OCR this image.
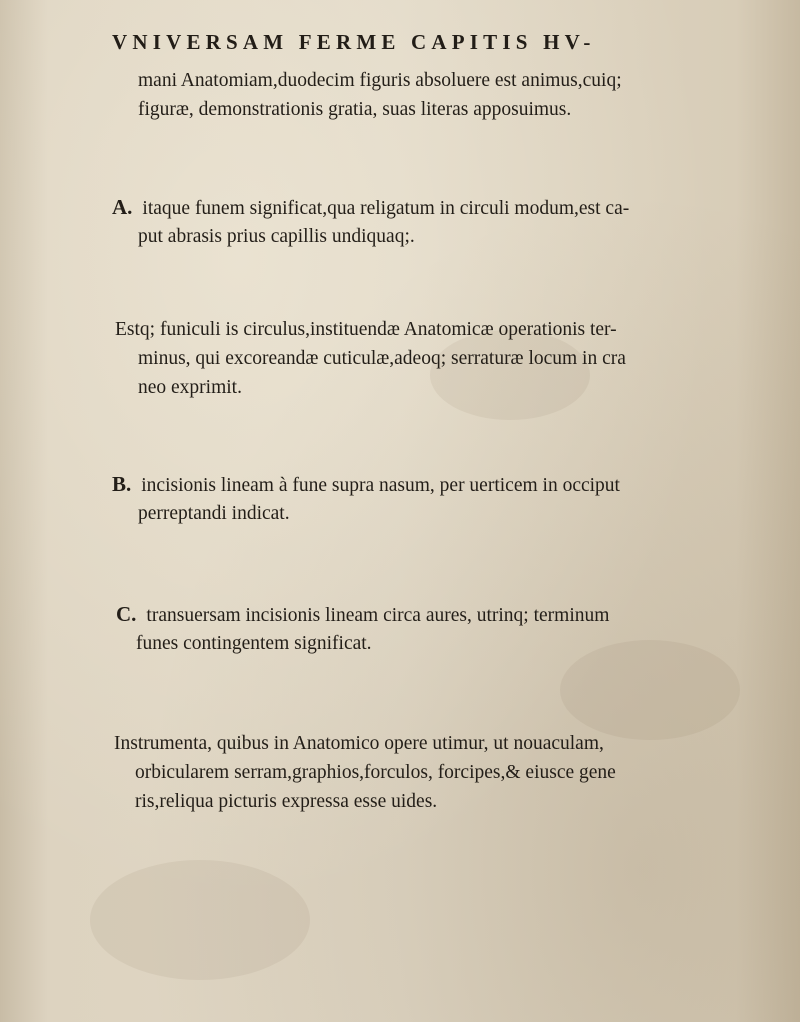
VNIVERSAM FERME CAPITIS HV-
mani Anatomiam,duodecim figuris absoluere est animus,cuiq;
figuræ, demonstrationis gratia, suas literas apposuimus.
A. itaque funem significat,qua religatum in circuli modum,est ca-
put abrasis prius capillis undiquaq;.
Estq; funiculi is circulus,instituendæ Anatomicæ operationis ter-
minus, qui excoreandæ cuticulæ,adeoq; serraturæ locum in cra
neo exprimit.
B. incisionis lineam à fune supra nasum, per uerticem in occiput
perreptandi indicat.
C. transuersam incisionis lineam circa aures, utrinq; terminum
funes contingentem significat.
Instrumenta, quibus in Anatomico opere utimur, ut nouaculam,
orbicularem serram,graphios,forculos, forcipes,& eiusce gene
ris,reliqua picturis expressa esse uides.
